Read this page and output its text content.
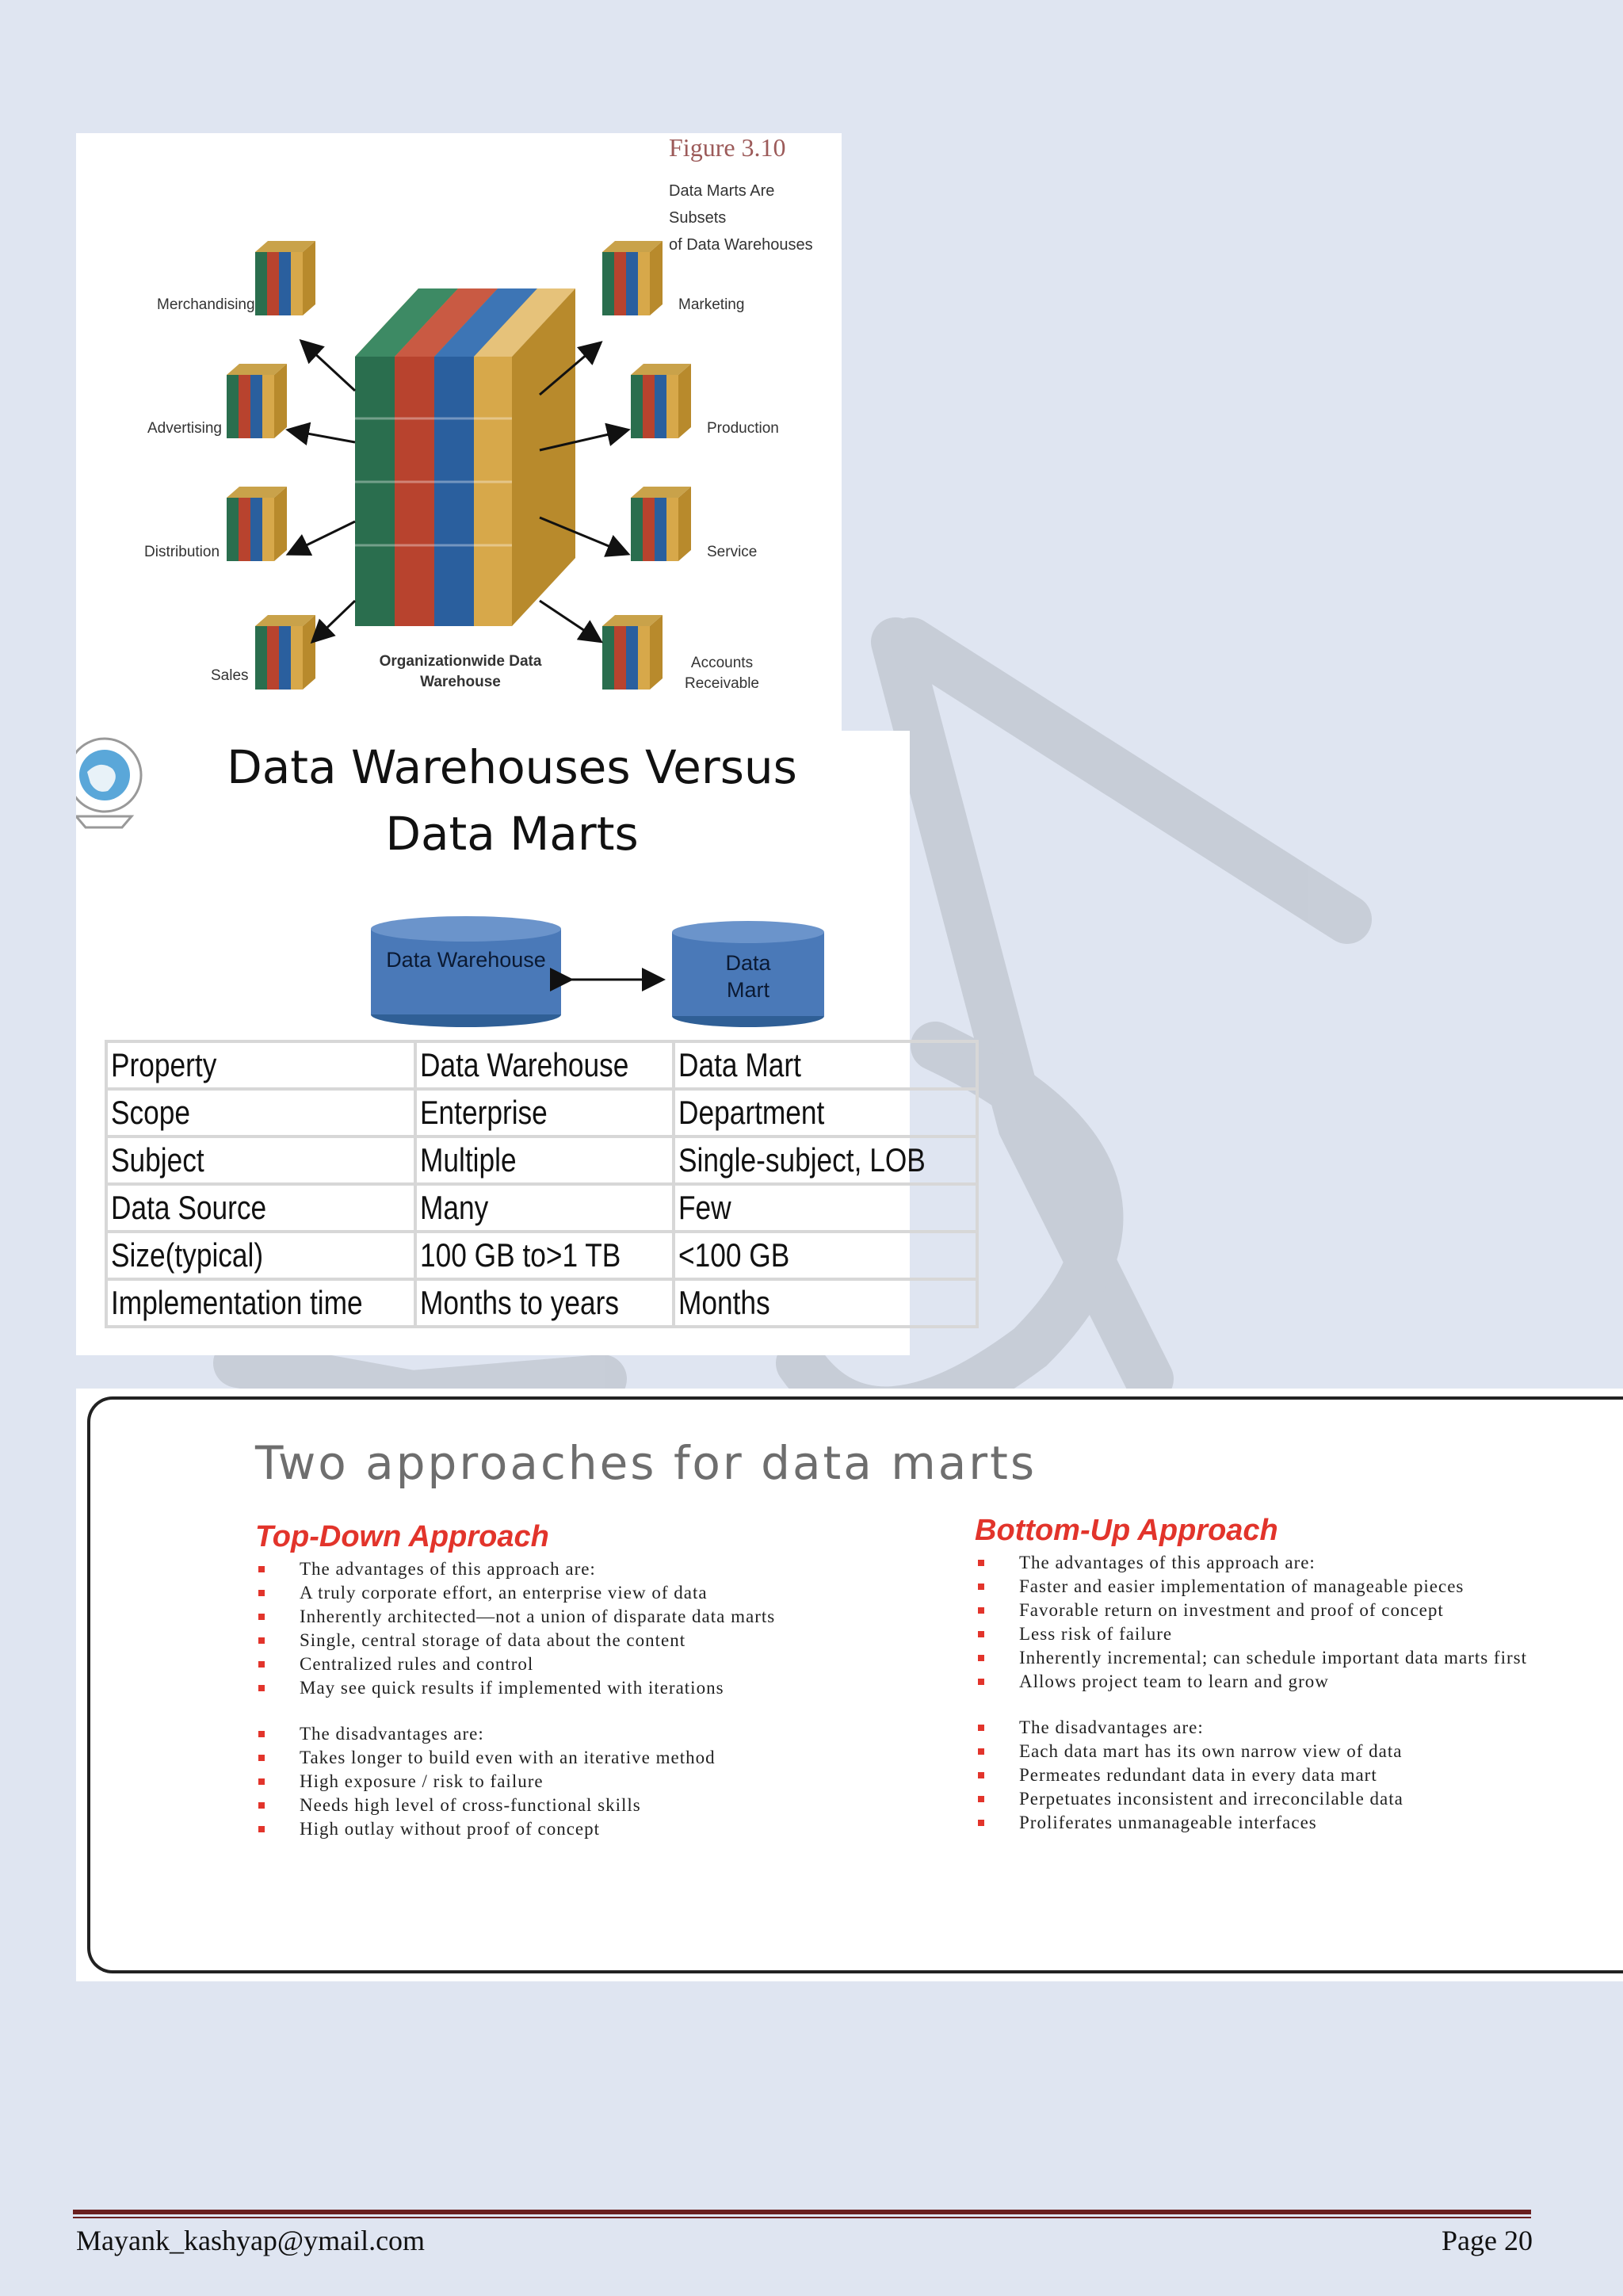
Figure 3.10
Data Marts Are Subsets
of Data Warehouses
Merchandising
Advertising
Distribution
Sales
Marketing
Production
Service
Accounts Receivable
Organizationwide Data Warehouse
Data Warehouses Versus Data Marts
Data Warehouse	Data Mart
Property	Data Warehouse	Data Mart
Scope	Enterprise	Department
Subject	Multiple	Single-subject, LOB
Data Source	Many	Few
Size(typical)	100 GB to>1 TB	<100 GB
Implementation time	Months to years	Months
Two approaches for data marts
Top-Down Approach	Bottom-Up Approach
The advantages of this approach are:
A truly corporate effort, an enterprise view of data
Inherently architected—not a union of disparate data marts
Single, central storage of data about the content
Centralized rules and control
May see quick results if implemented with iterations
The disadvantages are:
Takes longer to build even with an iterative method
High exposure / risk to failure
Needs high level of cross-functional skills
High outlay without proof of concept
The advantages of this approach are:
Faster and easier implementation of manageable pieces
Favorable return on investment and proof of concept
Less risk of failure
Inherently incremental; can schedule important data marts first
Allows project team to learn and grow
The disadvantages are:
Each data mart has its own narrow view of data
Permeates redundant data in every data mart
Perpetuates inconsistent and irreconcilable data
Proliferates unmanageable interfaces
Mayank_kashyap@ymail.com	Page 20
